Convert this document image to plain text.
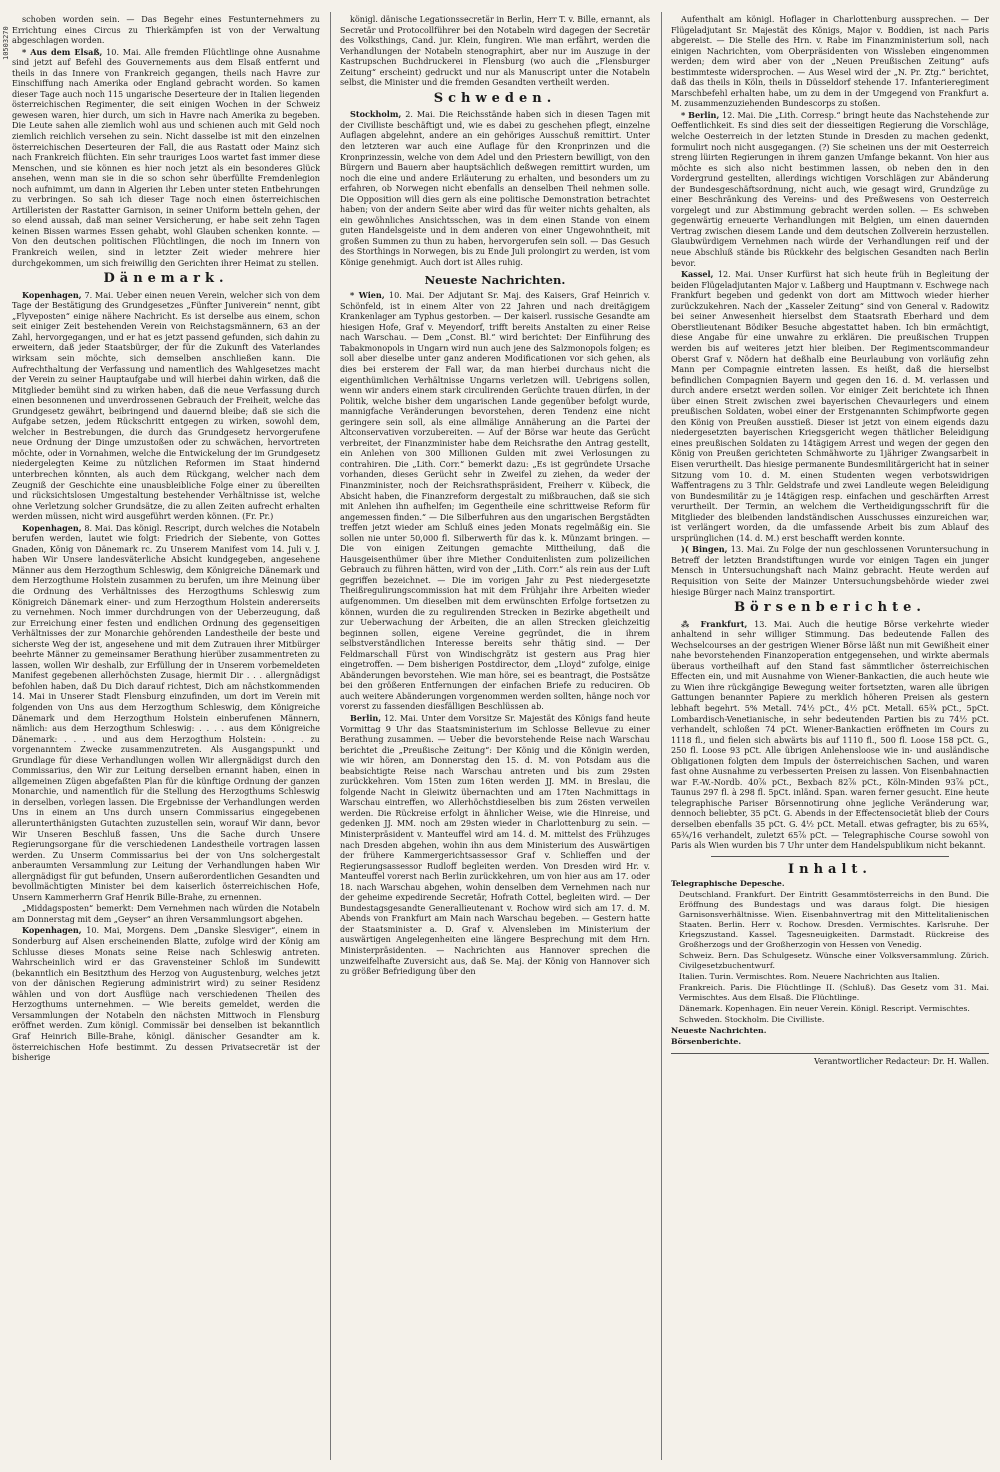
10503270

schoben worden sein. — Das Begehr eines Festunternehmers zu Errichtung eines Circus zu Thierkämpfen ist von der Verwaltung abgeschlagen worden.

* Aus dem Elsaß, 10. Mai. Alle fremden Flüchtlinge ohne Ausnahme sind jetzt auf Befehl des Gouvernements aus dem Elsaß entfernt und theils in das Innere von Frankreich gegangen, theils nach Havre zur Einschiffung nach Amerika oder England gebracht worden. So kamen dieser Tage auch noch 115 ungarische Deserteure der in Italien liegenden österreichischen Regimenter, die seit einigen Wochen in der Schweiz gewesen waren, hier durch, um sich in Havre nach Amerika zu begeben. Die Leute sahen alle ziemlich wohl aus und schienen auch mit Geld noch ziemlich reichlich versehen zu sein. Nicht dasselbe ist mit den einzelnen österreichischen Deserteuren der Fall, die aus Rastatt oder Mainz sich nach Frankreich flüchten. Ein sehr trauriges Loos wartet fast immer diese Menschen, und sie können es hier noch jetzt als ein besonderes Glück ansehen, wenn man sie in die so schon sehr überfüllte Fremdenlegion noch aufnimmt, um dann in Algerien ihr Leben unter steten Entbehrungen zu verbringen. So sah ich dieser Tage noch einen österreichischen Artilleristen der Rastatter Garnison, in seiner Uniform betteln gehen, der so elend aussah, daß man seiner Versicherung, er habe seit zehn Tagen keinen Bissen warmes Essen gehabt, wohl Glauben schenken konnte. — Von den deutschen politischen Flüchtlingen, die noch im Innern von Frankreich weilen, sind in letzter Zeit wieder mehrere hier durchgekommen, um sich freiwillig den Gerichten ihrer Heimat zu stellen.

Dänemark.

Kopenhagen, 7. Mai. Ueber einen neuen Verein, welcher sich von dem Tage der Bestätigung des Grundgesetzes „Fünfter Juniverein“ nennt, gibt „Flyveposten“ einige nähere Nachricht. Es ist derselbe aus einem, schon seit einiger Zeit bestehenden Verein von Reichstagsmännern, 63 an der Zahl, hervorgegangen, und er hat es jetzt passend gefunden, sich dahin zu erweitern, daß jeder Staatsbürger, der für die Zukunft des Vaterlandes wirksam sein möchte, sich demselben anschließen kann. Die Aufrechthaltung der Verfassung und namentlich des Wahlgesetzes macht der Verein zu seiner Hauptaufgabe und will hierbei dahin wirken, daß die Mitglieder bemüht sind zu wirken haben, daß die neue Verfassung durch einen besonnenen und unverdrossenen Gebrauch der Freiheit, welche das Grundgesetz gewährt, beibringend und dauernd bleibe; daß sie sich die Aufgabe setzen, jedem Rückschritt entgegen zu wirken, sowohl dem, welcher in Bestrebungen, die durch das Grundgesetz hervorgerufene neue Ordnung der Dinge umzustoßen oder zu schwächen, hervortreten möchte, oder in Vornahmen, welche die Entwickelung der im Grundgesetz niedergelegten Keime zu nützlichen Reformen im Staat hindernd unterbrechen könnten, als auch dem Rückgang, welcher nach dem Zeugniß der Geschichte eine unausbleibliche Folge einer zu übereilten und rücksichtslosen Umgestaltung bestehender Verhältnisse ist, welche ohne Verletzung solcher Grundsätze, die zu allen Zeiten aufrecht erhalten werden müssen, nicht wird ausgeführt werden können. (Fr. Pr.)

Kopenhagen, 8. Mai. Das königl. Rescript, durch welches die Notabeln berufen werden, lautet wie folgt: Friedrich der Siebente, von Gottes Gnaden, König von Dänemark rc. Zu Unserem Manifest vom 14. Juli v. J. haben Wir Unsere landesväterliche Absicht kundgegeben, angesehene Männer aus dem Herzogthum Schleswig, dem Königreiche Dänemark und dem Herzogthume Holstein zusammen zu berufen, um ihre Meinung über die Ordnung des Verhältnisses des Herzogthums Schleswig zum Königreich Dänemark einer- und zum Herzogthum Holstein andererseits zu vernehmen. Noch immer durchdrungen von der Ueberzeugung, daß zur Erreichung einer festen und endlichen Ordnung des gegenseitigen Verhältnisses der zur Monarchie gehörenden Landestheile der beste und sicherste Weg der ist, angesehene und mit dem Zutrauen ihrer Mitbürger beehrte Männer zu gemeinsamer Berathung hierüber zusammentreten zu lassen, wollen Wir deshalb, zur Erfüllung der in Unserem vorbemeldeten Manifest gegebenen allerhöchsten Zusage, hiermit Dir . . . allergnädigst befohlen haben, daß Du Dich darauf richtest, Dich am nächstkommenden 14. Mai in Unserer Stadt Flensburg einzufinden, um dort im Verein mit folgenden von Uns aus dem Herzogthum Schleswig, dem Königreiche Dänemark und dem Herzogthum Holstein einberufenen Männern, nämlich: aus dem Herzogthum Schleswig: . . . . aus dem Königreiche Dänemark: . . . . und aus dem Herzogthum Holstein: . . . . zu vorgenanntem Zwecke zusammenzutreten. Als Ausgangspunkt und Grundlage für diese Verhandlungen wollen Wir allergnädigst durch den Commissarius, den Wir zur Leitung derselben ernannt haben, einen in allgemeinen Zügen abgefaßten Plan für die künftige Ordnung der ganzen Monarchie, und namentlich für die Stellung des Herzogthums Schleswig in derselben, vorlegen lassen. Die Ergebnisse der Verhandlungen werden Uns in einem an Uns durch unsern Commissarius eingegebenen allerunterthänigsten Gutachten zuzustellen sein, worauf Wir dann, bevor Wir Unseren Beschluß fassen, Uns die Sache durch Unsere Regierungsorgane für die verschiedenen Landestheile vortragen lassen werden. Zu Unserm Commissarius bei der von Uns solchergestalt anberaumten Versammlung zur Leitung der Verhandlungen haben Wir allergnädigst für gut befunden, Unsern außerordentlichen Gesandten und bevollmächtigten Minister bei dem kaiserlich österreichischen Hofe, Unsern Kammerherrn Graf Henrik Bille-Brahe, zu ernennen.

„Middagsposten“ bemerkt: Dem Vernehmen nach würden die Notabeln am Donnerstag mit dem „Geyser“ an ihren Versammlungsort abgehen.

Kopenhagen, 10. Mai, Morgens. Dem „Danske Slesviger“, einem in Sonderburg auf Alsen erscheinenden Blatte, zufolge wird der König am Schlusse dieses Monats seine Reise nach Schleswig antreten. Wahrscheinlich wird er das Gravensteiner Schloß im Sundewitt (bekanntlich ein Besitzthum des Herzog von Augustenburg, welches jetzt von der dänischen Regierung administrirt wird) zu seiner Residenz wählen und von dort Ausflüge nach verschiedenen Theilen des Herzogthums unternehmen. — Wie bereits gemeldet, werden die Versammlungen der Notabeln den nächsten Mittwoch in Flensburg eröffnet werden. Zum königl. Commissär bei denselben ist bekanntlich Graf Heinrich Bille-Brahe, königl. dänischer Gesandter am k. österreichischen Hofe bestimmt. Zu dessen Privatsecretär ist der bisherige

königl. dänische Legationssecretär in Berlin, Herr T. v. Bille, ernannt, als Secretär und Protocollführer bei den Notabeln wird dagegen der Secretär des Volksthings, Cand. jur. Klein, fungiren. Wie man erfährt, werden die Verhandlungen der Notabeln stenographirt, aber nur im Auszuge in der Kastrupschen Buchdruckerei in Flensburg (wo auch die „Flensburger Zeitung“ erscheint) gedruckt und nur als Manuscript unter die Notabeln selbst, die Minister und die fremden Gesandten vertheilt werden.

Schweden.

Stockholm, 2. Mai. Die Reichsstände haben sich in diesen Tagen mit der Civilliste beschäftigt und, wie es dabei zu geschehen pflegt, einzelne Auflagen abgelehnt, andere an ein gehöriges Ausschuß remittirt. Unter den letzteren war auch eine Auflage für den Kronprinzen und die Kronprinzessin, welche von dem Adel und den Priestern bewilligt, von den Bürgern und Bauern aber hauptsächlich deßwegen remittirt wurden, um noch die eine und andere Erläuterung zu erhalten, und besonders um zu erfahren, ob Norwegen nicht ebenfalls an denselben Theil nehmen solle. Die Opposition will dies gern als eine politische Demonstration betrachtet haben; von der andern Seite aber wird das für weiter nichts gehalten, als ein gewöhnliches Ansichtsschen, was in dem einen Stande von einem guten Handelsgeiste und in dem anderen von einer Ungewohntheit, mit großen Summen zu thun zu haben, hervorgerufen sein soll. — Das Gesuch des Storthings in Norwegen, bis zu Ende Juli prolongirt zu werden, ist vom Könige genehmigt. Auch dort ist Alles ruhig.

Neueste Nachrichten.

* Wien, 10. Mai. Der Adjutant Sr. Maj. des Kaisers, Graf Heinrich v. Schönfeld, ist in einem Alter von 22 Jahren und nach dreitägigem Krankenlager am Typhus gestorben. — Der kaiserl. russische Gesandte am hiesigen Hofe, Graf v. Meyendorf, trifft bereits Anstalten zu einer Reise nach Warschau. — Dem „Const. Bl.“ wird berichtet: Der Einführung des Tabakmonopols in Ungarn wird nun auch jene des Salzmonopols folgen; es soll aber dieselbe unter ganz anderen Modificationen vor sich gehen, als dies bei ersterem der Fall war, da man hierbei durchaus nicht die eigenthümlichen Verhältnisse Ungarns verletzen will. Uebrigens sollen, wenn wir anders einem stark circulirenden Gerüchte trauen dürfen, in der Politik, welche bisher dem ungarischen Lande gegenüber befolgt wurde, mannigfache Veränderungen bevorstehen, deren Tendenz eine nicht geringere sein soll, als eine allmälige Annäherung an die Partei der Altconservativen vorzubereiten. — Auf der Börse war heute das Gerücht verbreitet, der Finanzminister habe dem Reichsrathe den Antrag gestellt, ein Anlehen von 300 Millionen Gulden mit zwei Verlosungen zu contrahiren. Die „Lith. Corr.“ bemerkt dazu: „Es ist gegründete Ursache vorhanden, dieses Gerücht sehr in Zweifel zu ziehen, da weder der Finanzminister, noch der Reichsrathspräsident, Freiherr v. Kübeck, die Absicht haben, die Finanzreform dergestalt zu mißbrauchen, daß sie sich mit Anlehen ihn aufhelfen; im Gegentheile eine schrittweise Reform für angemessen finden.“ — Die Silberfuhren aus den ungarischen Bergstädten treffen jetzt wieder am Schluß eines jeden Monats regelmäßig ein. Sie sollen nie unter 50,000 fl. Silberwerth für das k. k. Münzamt bringen. — Die von einigen Zeitungen gemachte Mittheilung, daß die Hausgeisenthümer über ihre Miether Conduitenlisten zum polizeilichen Gebrauch zu führen hätten, wird von der „Lith. Corr.“ als rein aus der Luft gegriffen bezeichnet. — Die im vorigen Jahr zu Pest niedergesetzte Theißregulirungscommission hat mit dem Frühjahr ihre Arbeiten wieder aufgenommen. Um dieselben mit dem erwünschten Erfolge fortsetzen zu können, wurden die zu regulirenden Strecken in Bezirke abgetheilt und zur Ueberwachung der Arbeiten, die an allen Strecken gleichzeitig beginnen sollen, eigene Vereine gegründet, die in ihrem selbstverständlichen Interesse bereits sehr thätig sind. — Der Feldmarschall Fürst von Windischgrätz ist gestern aus Prag hier eingetroffen. — Dem bisherigen Postdirector, dem „Lloyd“ zufolge, einige Abänderungen bevorstehen. Wie man höre, sei es beantragt, die Postsätze bei den größeren Entfernungen der einfachen Briefe zu reduciren. Ob auch weitere Abänderungen vorgenommen werden sollten, hänge noch vor vorerst zu fassenden diesfälligen Beschlüssen ab.

Berlin, 12. Mai. Unter dem Vorsitze Sr. Majestät des Königs fand heute Vormittag 9 Uhr das Staatsministerium im Schlosse Bellevue zu einer Berathung zusammen. — Ueber die bevorstehende Reise nach Warschau berichtet die „Preußische Zeitung“: Der König und die Königin werden, wie wir hören, am Donnerstag den 15. d. M. von Potsdam aus die beabsichtigte Reise nach Warschau antreten und bis zum 29sten zurückkehren. Vom 15ten zum 16ten werden JJ. MM. in Breslau, die folgende Nacht in Gleiwitz übernachten und am 17ten Nachmittags in Warschau eintreffen, wo Allerhöchstdieselben bis zum 26sten verweilen werden. Die Rückreise erfolgt in ähnlicher Weise, wie die Hinreise, und gedenken JJ. MM. noch am 29sten wieder in Charlottenburg zu sein. — Ministerpräsident v. Manteuffel wird am 14. d. M. mittelst des Frühzuges nach Dresden abgehen, wohin ihn aus dem Ministerium des Auswärtigen der frühere Kammergerichtsassessor Graf v. Schlieffen und der Regierungsassessor Rudloff begleiten werden. Von Dresden wird Hr. v. Manteuffel vorerst nach Berlin zurückkehren, um von hier aus am 17. oder 18. nach Warschau abgehen, wohin denselben dem Vernehmen nach nur der geheime expedirende Secretär, Hofrath Cottel, begleiten wird. — Der Bundestagsgesandte Generallieutenant v. Rochow wird sich am 17. d. M. Abends von Frankfurt am Main nach Warschau begeben. — Gestern hatte der Staatsminister a. D. Graf v. Alvensleben im Ministerium der auswärtigen Angelegenheiten eine längere Besprechung mit dem Hrn. Ministerpräsidenten. — Nachrichten aus Hannover sprechen die unzweifelhafte Zuversicht aus, daß Se. Maj. der König von Hannover sich zu größer Befriedigung über den

Aufenthalt am königl. Hoflager in Charlottenburg aussprechen. — Der Flügeladjutant Sr. Majestät des Königs, Major v. Boddien, ist nach Paris abgereist. — Die Stelle des Hrn. v. Rabe im Finanzministerium soll, nach einigen Nachrichten, vom Oberpräsidenten von Wissleben eingenommen werden; dem wird aber von der „Neuen Preußischen Zeitung“ aufs bestimmteste widersprochen. — Aus Wesel wird der „N. Pr. Ztg.“ berichtet, daß das theils in Köln, theils in Düsseldorf stehende 17. Infanterieregiment Marschbefehl erhalten habe, um zu dem in der Umgegend von Frankfurt a. M. zusammenzuziehenden Bundescorps zu stoßen.

* Berlin, 12. Mai. Die „Lith. Corresp.“ bringt heute das Nachstehende zur Oeffentlichkeit. Es sind dies seit der diesseitigen Regierung die Vorschläge, welche Oesterreich in der letzten Stunde in Dresden zu machen gedenkt, formulirt noch nicht ausgegangen. (?) Sie scheinen uns der mit Oesterreich streng lüirten Regierungen in ihrem ganzen Umfange bekannt. Von hier aus möchte es sich also nicht bestimmen lassen, ob neben den in den Vordergrund gestellten, allerdings wichtigen Vorschlägen zur Abänderung der Bundesgeschäftsordnung, nicht auch, wie gesagt wird, Grundzüge zu einer Beschränkung des Vereins- und des Preßwesens von Oesterreich vorgelegt und zur Abstimmung gebracht werden sollen. — Es schweben gegenwärtig erneuerte Verhandlungen mit Belgien, um einen dauernden Vertrag zwischen diesem Lande und dem deutschen Zollverein herzustellen. Glaubwürdigem Vernehmen nach würde der Verhandlungen reif und der neue Abschluß stände bis Rückkehr des belgischen Gesandten nach Berlin bevor.

Kassel, 12. Mai. Unser Kurfürst hat sich heute früh in Begleitung der beiden Flügeladjutanten Major v. Laßberg und Hauptmann v. Eschwege nach Frankfurt begeben und gedenkt von dort am Mittwoch wieder hierher zurückzukehren. Nach der „Kasseler Zeitung“ sind von General v. Radowitz bei seiner Anwesenheit hierselbst dem Staatsrath Eberhard und dem Oberstlieutenant Bödiker Besuche abgestattet haben. Ich bin ermächtigt, diese Angabe für eine unwahre zu erklären. Die preußischen Truppen werden bis auf weiteres jetzt hier bleiben. Der Regimentscommandeur Oberst Graf v. Nödern hat deßhalb eine Beurlaubung von vorläufig zehn Mann per Compagnie eintreten lassen. Es heißt, daß die hierselbst befindlichen Compagnien Bayern und gegen den 16. d. M. verlassen und durch andere ersetzt werden sollen. Vor einiger Zeit berichtete ich Ihnen über einen Streit zwischen zwei bayerischen Chevaurlegers und einem preußischen Soldaten, wobei einer der Erstgenannten Schimpfworte gegen den König von Preußen ausstieß. Dieser ist jetzt von einem eigends dazu niedergesetzten bayerischen Kriegsgericht wegen thätlicher Beleidigung eines preußischen Soldaten zu 14tägigem Arrest und wegen der gegen den König von Preußen gerichteten Schmähworte zu 1jähriger Zwangsarbeit in Eisen verurtheilt. Das hiesige permanente Bundesmilitärgericht hat in seiner Sitzung vom 10. d. M. einen Studenten wegen verbotswidrigen Waffentragens zu 3 Thlr. Geldstrafe und zwei Landleute wegen Beleidigung von Bundesmilitär zu je 14tägigen resp. einfachen und geschärften Arrest verurtheilt. Der Termin, an welchem die Vertheidigungsschrift für die Mitglieder des bleibenden landständischen Ausschusses einzureichen war, ist verlängert worden, da die umfassende Arbeit bis zum Ablauf des ursprünglichen (14. d. M.) erst beschafft werden konnte.

)( Bingen, 13. Mai. Zu Folge der nun geschlossenen Voruntersuchung in Betreff der letzten Brandstiftungen wurde vor einigen Tagen ein junger Mensch in Untersuchungshaft nach Mainz gebracht. Heute werden auf Requisition von Seite der Mainzer Untersuchungsbehörde wieder zwei hiesige Bürger nach Mainz transportirt.

Börsenberichte.

⁂ Frankfurt, 13. Mai. Auch die heutige Börse verkehrte wieder anhaltend in sehr williger Stimmung. Das bedeutende Fallen des Wechselcourses an der gestrigen Wiener Börse läßt nun mit Gewißheit einer nahe bevorstehenden Finanzoperation entgegensehen, und wirkte abermals überaus vortheilhaft auf den Stand fast sämmtlicher österreichischen Effecten ein, und mit Ausnahme von Wiener-Bankactien, die auch heute wie zu Wien ihre rückgängige Bewegung weiter fortsetzten, waren alle übrigen Gattungen benannter Papiere zu merklich höheren Preisen als gestern lebhaft begehrt. 5% Metall. 74½ pCt., 4½ pCt. Metall. 65¾ pCt., 5pCt. Lombardisch-Venetianische, in sehr bedeutenden Partien bis zu 74½ pCt. verhandelt, schloßen 74 pCt. Wiener-Bankactien eröffneten im Cours zu 1118 fl., und fielen sich abwärts bis auf 1110 fl., 500 fl. Loose 158 pCt. G., 250 fl. Loose 93 pCt. Alle übrigen Anlehensloose wie in- und ausländische Obligationen folgten dem Impuls der österreichischen Sachen, und waren fast ohne Ausnahme zu verbesserten Preisen zu lassen. Von Eisenbahnactien war F.-W.-Nordb. 40⅞ pCt., Bexbach 82⅞ pCt., Köln-Minden 93⅞ pCt., Taunus 297 fl. à 298 fl. 5pCt. inländ. Span. waren ferner gesucht. Eine heute telegraphische Pariser Börsennotirung ohne jegliche Veränderung war, dennoch beliebter, 35 pCt. G. Abends in der Effectensocietät blieb der Cours derselben ebenfalls 35 pCt. G. 4½ pCt. Metall. etwas gefragter, bis zu 65¾, 65¾/16 verhandelt, zuletzt 65⅞ pCt. — Telegraphische Course sowohl von Paris als Wien wurden bis 7 Uhr unter dem Handelspublikum nicht bekannt.

Inhalt.

Telegraphische Depesche.

Deutschland. Frankfurt. Der Eintritt Gesammtösterreichs in den Bund. Die Eröffnung des Bundestags und was daraus folgt. Die hiesigen Garnisonsverhältnisse. Wien. Eisenbahnvertrag mit den Mittelitalienischen Staaten. Berlin. Herr v. Rochow. Dresden. Vermischtes. Karlsruhe. Der Kriegszustand. Kassel. Tagesneuigkeiten. Darmstadt. Rückreise des Großherzogs und der Großherzogin von Hessen von Venedig.

Schweiz. Bern. Das Schulgesetz. Wünsche einer Volksversammlung. Zürich. Civilgesetzbuchentwurf.

Italien. Turin. Vermischtes. Rom. Neuere Nachrichten aus Italien.

Frankreich. Paris. Die Flüchtlinge II. (Schluß). Das Gesetz vom 31. Mai. Vermischtes. Aus dem Elsaß. Die Flüchtlinge.

Dänemark. Kopenhagen. Ein neuer Verein. Königl. Rescript. Vermischtes.

Schweden. Stockholm. Die Civilliste.

Neueste Nachrichten.

Börsenberichte.

Verantwortlicher Redacteur: Dr. H. Wallen.
